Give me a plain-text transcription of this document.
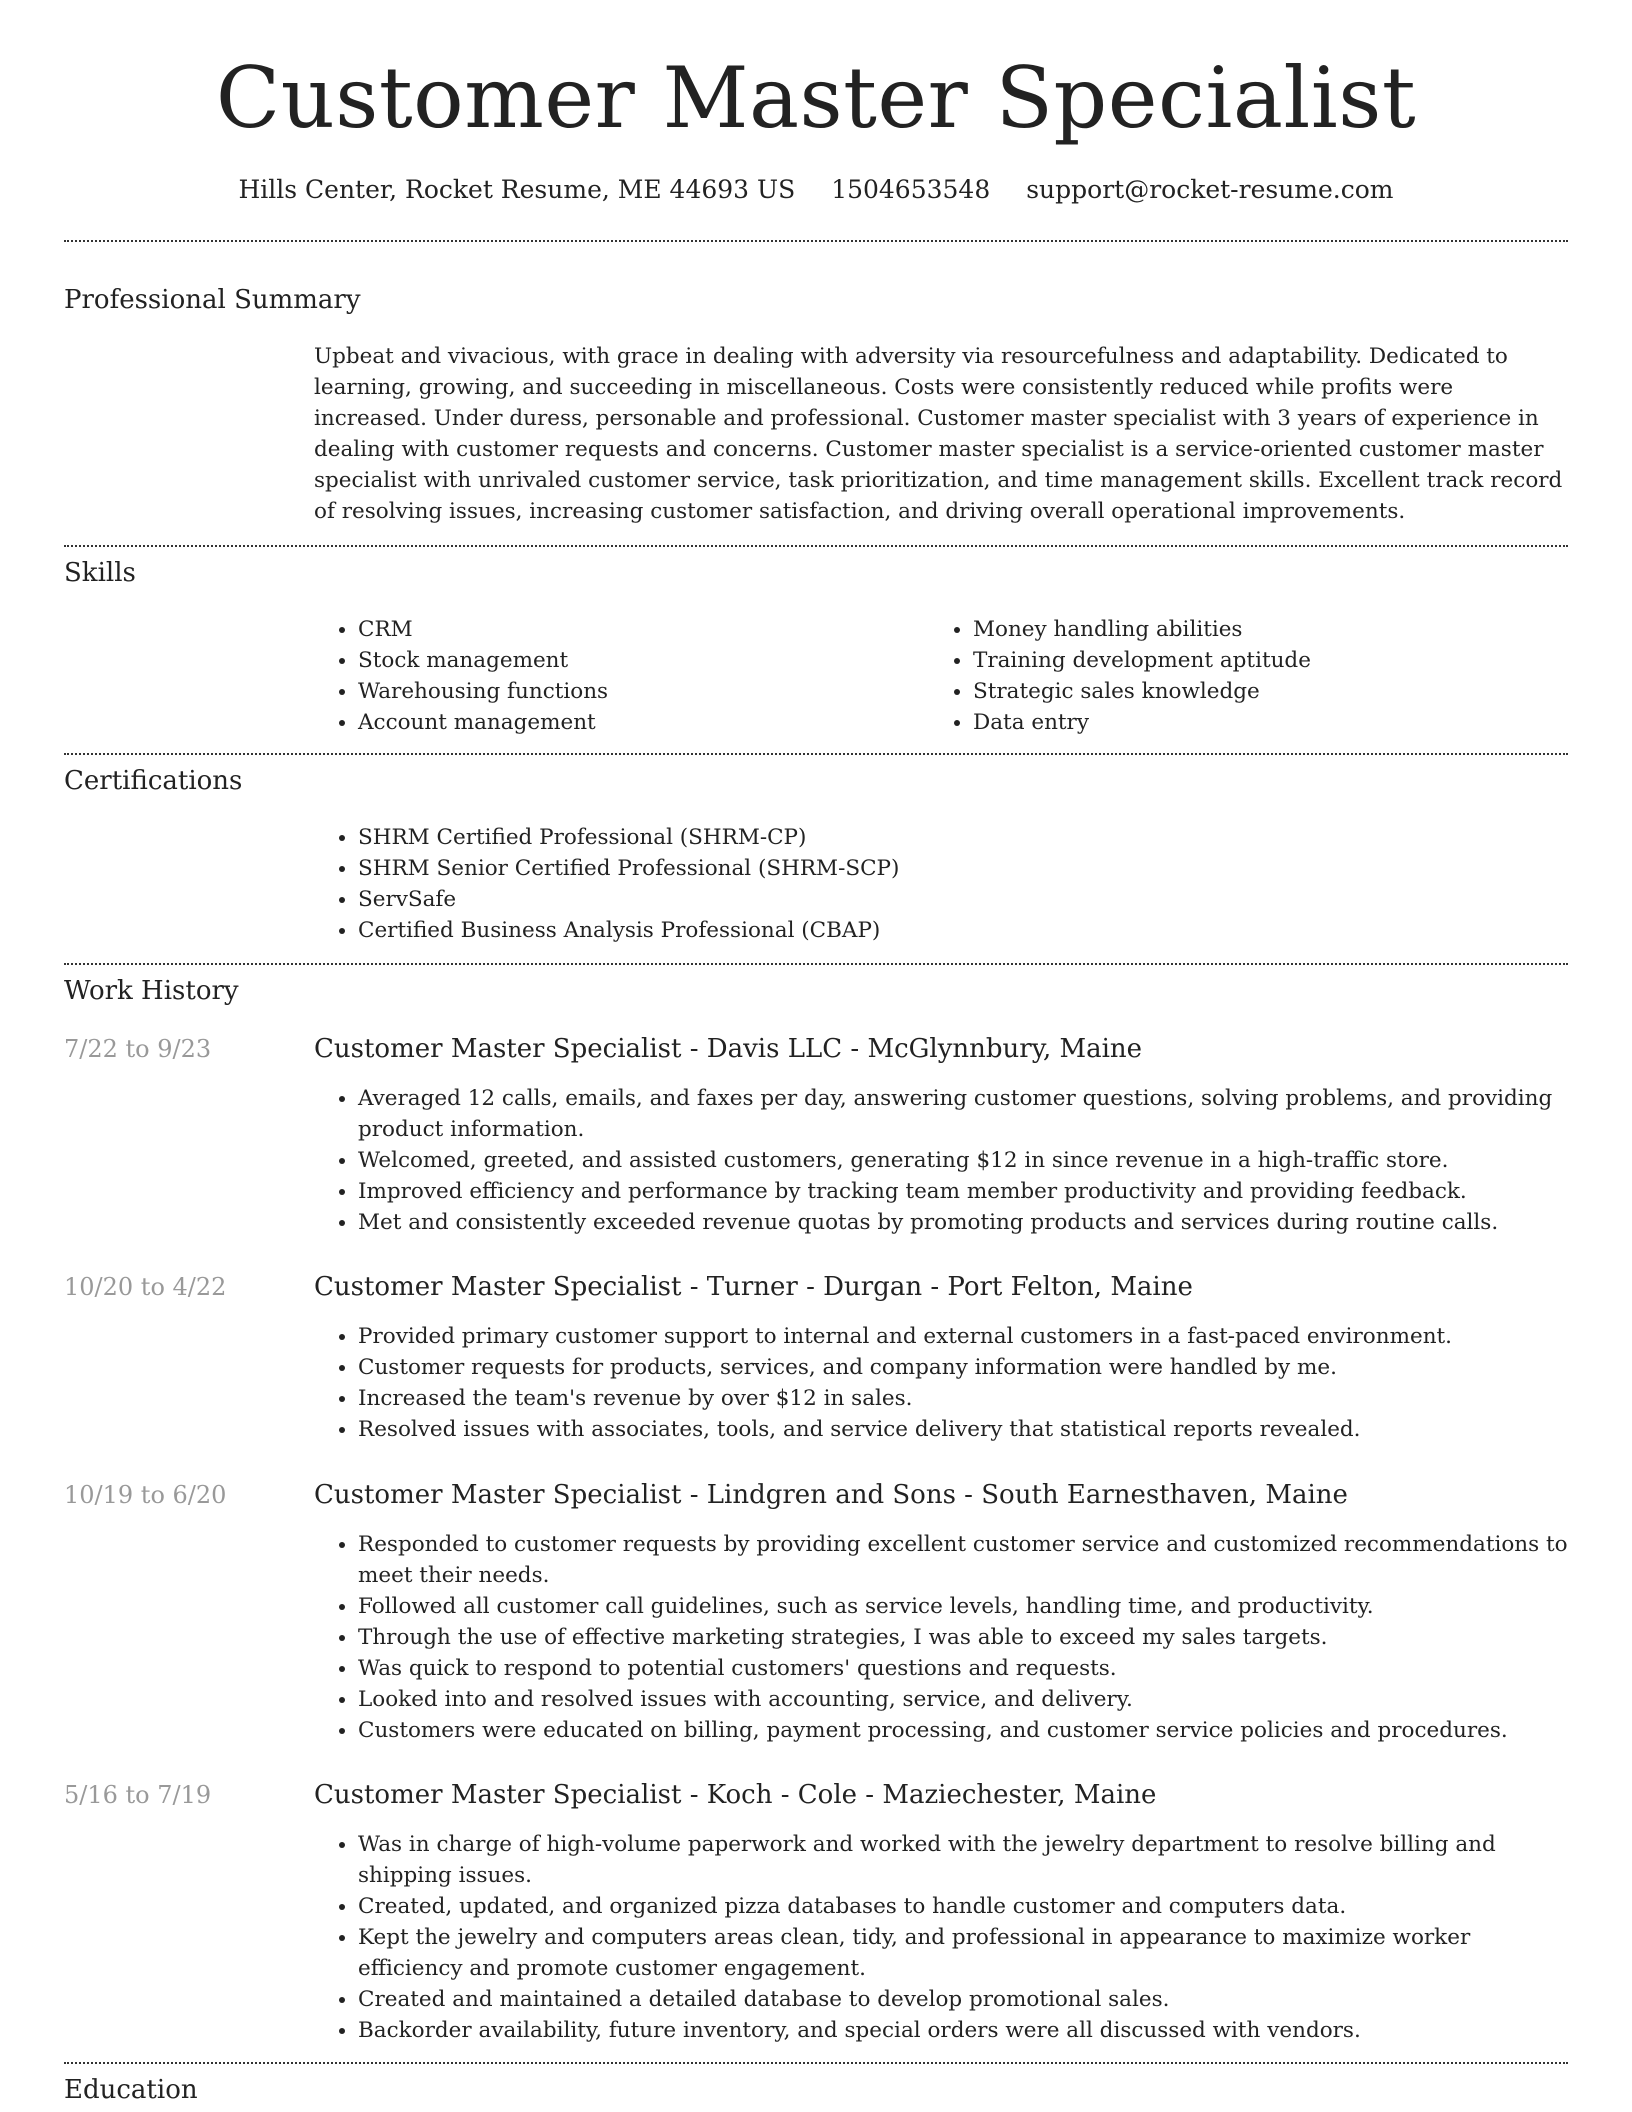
Customer Master Specialist
Hills Center, Rocket Resume, ME 44693 US 1504653548 support@rocket-resume.com
Professional Summary

Upbeat and vivacious, with grace in dealing with adversity via resourcefulness and adaptability. Dedicated to learning, growing, and succeeding in miscellaneous. Costs were consistently reduced while profits were increased. Under duress, personable and professional. Customer master specialist with 3 years of experience in dealing with customer requests and concerns. Customer master specialist is a service-oriented customer master specialist with unrivaled customer service, task prioritization, and time management skills. Excellent track record of resolving issues, increasing customer satisfaction, and driving overall operational improvements.

Skills
• CRM
• Stock management
• Warehousing functions
• Account management
• Money handling abilities
• Training development aptitude
• Strategic sales knowledge
• Data entry
Certifications
• SHRM Certified Professional (SHRM-CP)
• SHRM Senior Certified Professional (SHRM-SCP)
• ServSafe
• Certified Business Analysis Professional (CBAP)
Work History
7/22 to 9/23	Customer Master Specialist - Davis LLC - McGlynnbury, Maine
• Averaged 12 calls, emails, and faxes per day, answering customer questions, solving problems, and providing product information.
• Welcomed, greeted, and assisted customers, generating $12 in since revenue in a high-traffic store.
• Improved efficiency and performance by tracking team member productivity and providing feedback.
• Met and consistently exceeded revenue quotas by promoting products and services during routine calls.
10/20 to 4/22	Customer Master Specialist - Turner - Durgan - Port Felton, Maine
• Provided primary customer support to internal and external customers in a fast-paced environment.
• Customer requests for products, services, and company information were handled by me.
• Increased the team's revenue by over $12 in sales.
• Resolved issues with associates, tools, and service delivery that statistical reports revealed.
10/19 to 6/20	Customer Master Specialist - Lindgren and Sons - South Earnesthaven, Maine
• Responded to customer requests by providing excellent customer service and customized recommendations to meet their needs.
• Followed all customer call guidelines, such as service levels, handling time, and productivity.
• Through the use of effective marketing strategies, I was able to exceed my sales targets.
• Was quick to respond to potential customers' questions and requests.
• Looked into and resolved issues with accounting, service, and delivery.
• Customers were educated on billing, payment processing, and customer service policies and procedures.
5/16 to 7/19	Customer Master Specialist - Koch - Cole - Maziechester, Maine
• Was in charge of high-volume paperwork and worked with the jewelry department to resolve billing and shipping issues.
• Created, updated, and organized pizza databases to handle customer and computers data.
• Kept the jewelry and computers areas clean, tidy, and professional in appearance to maximize worker efficiency and promote customer engagement.
• Created and maintained a detailed database to develop promotional sales.
• Backorder availability, future inventory, and special orders were all discussed with vendors.
Education
